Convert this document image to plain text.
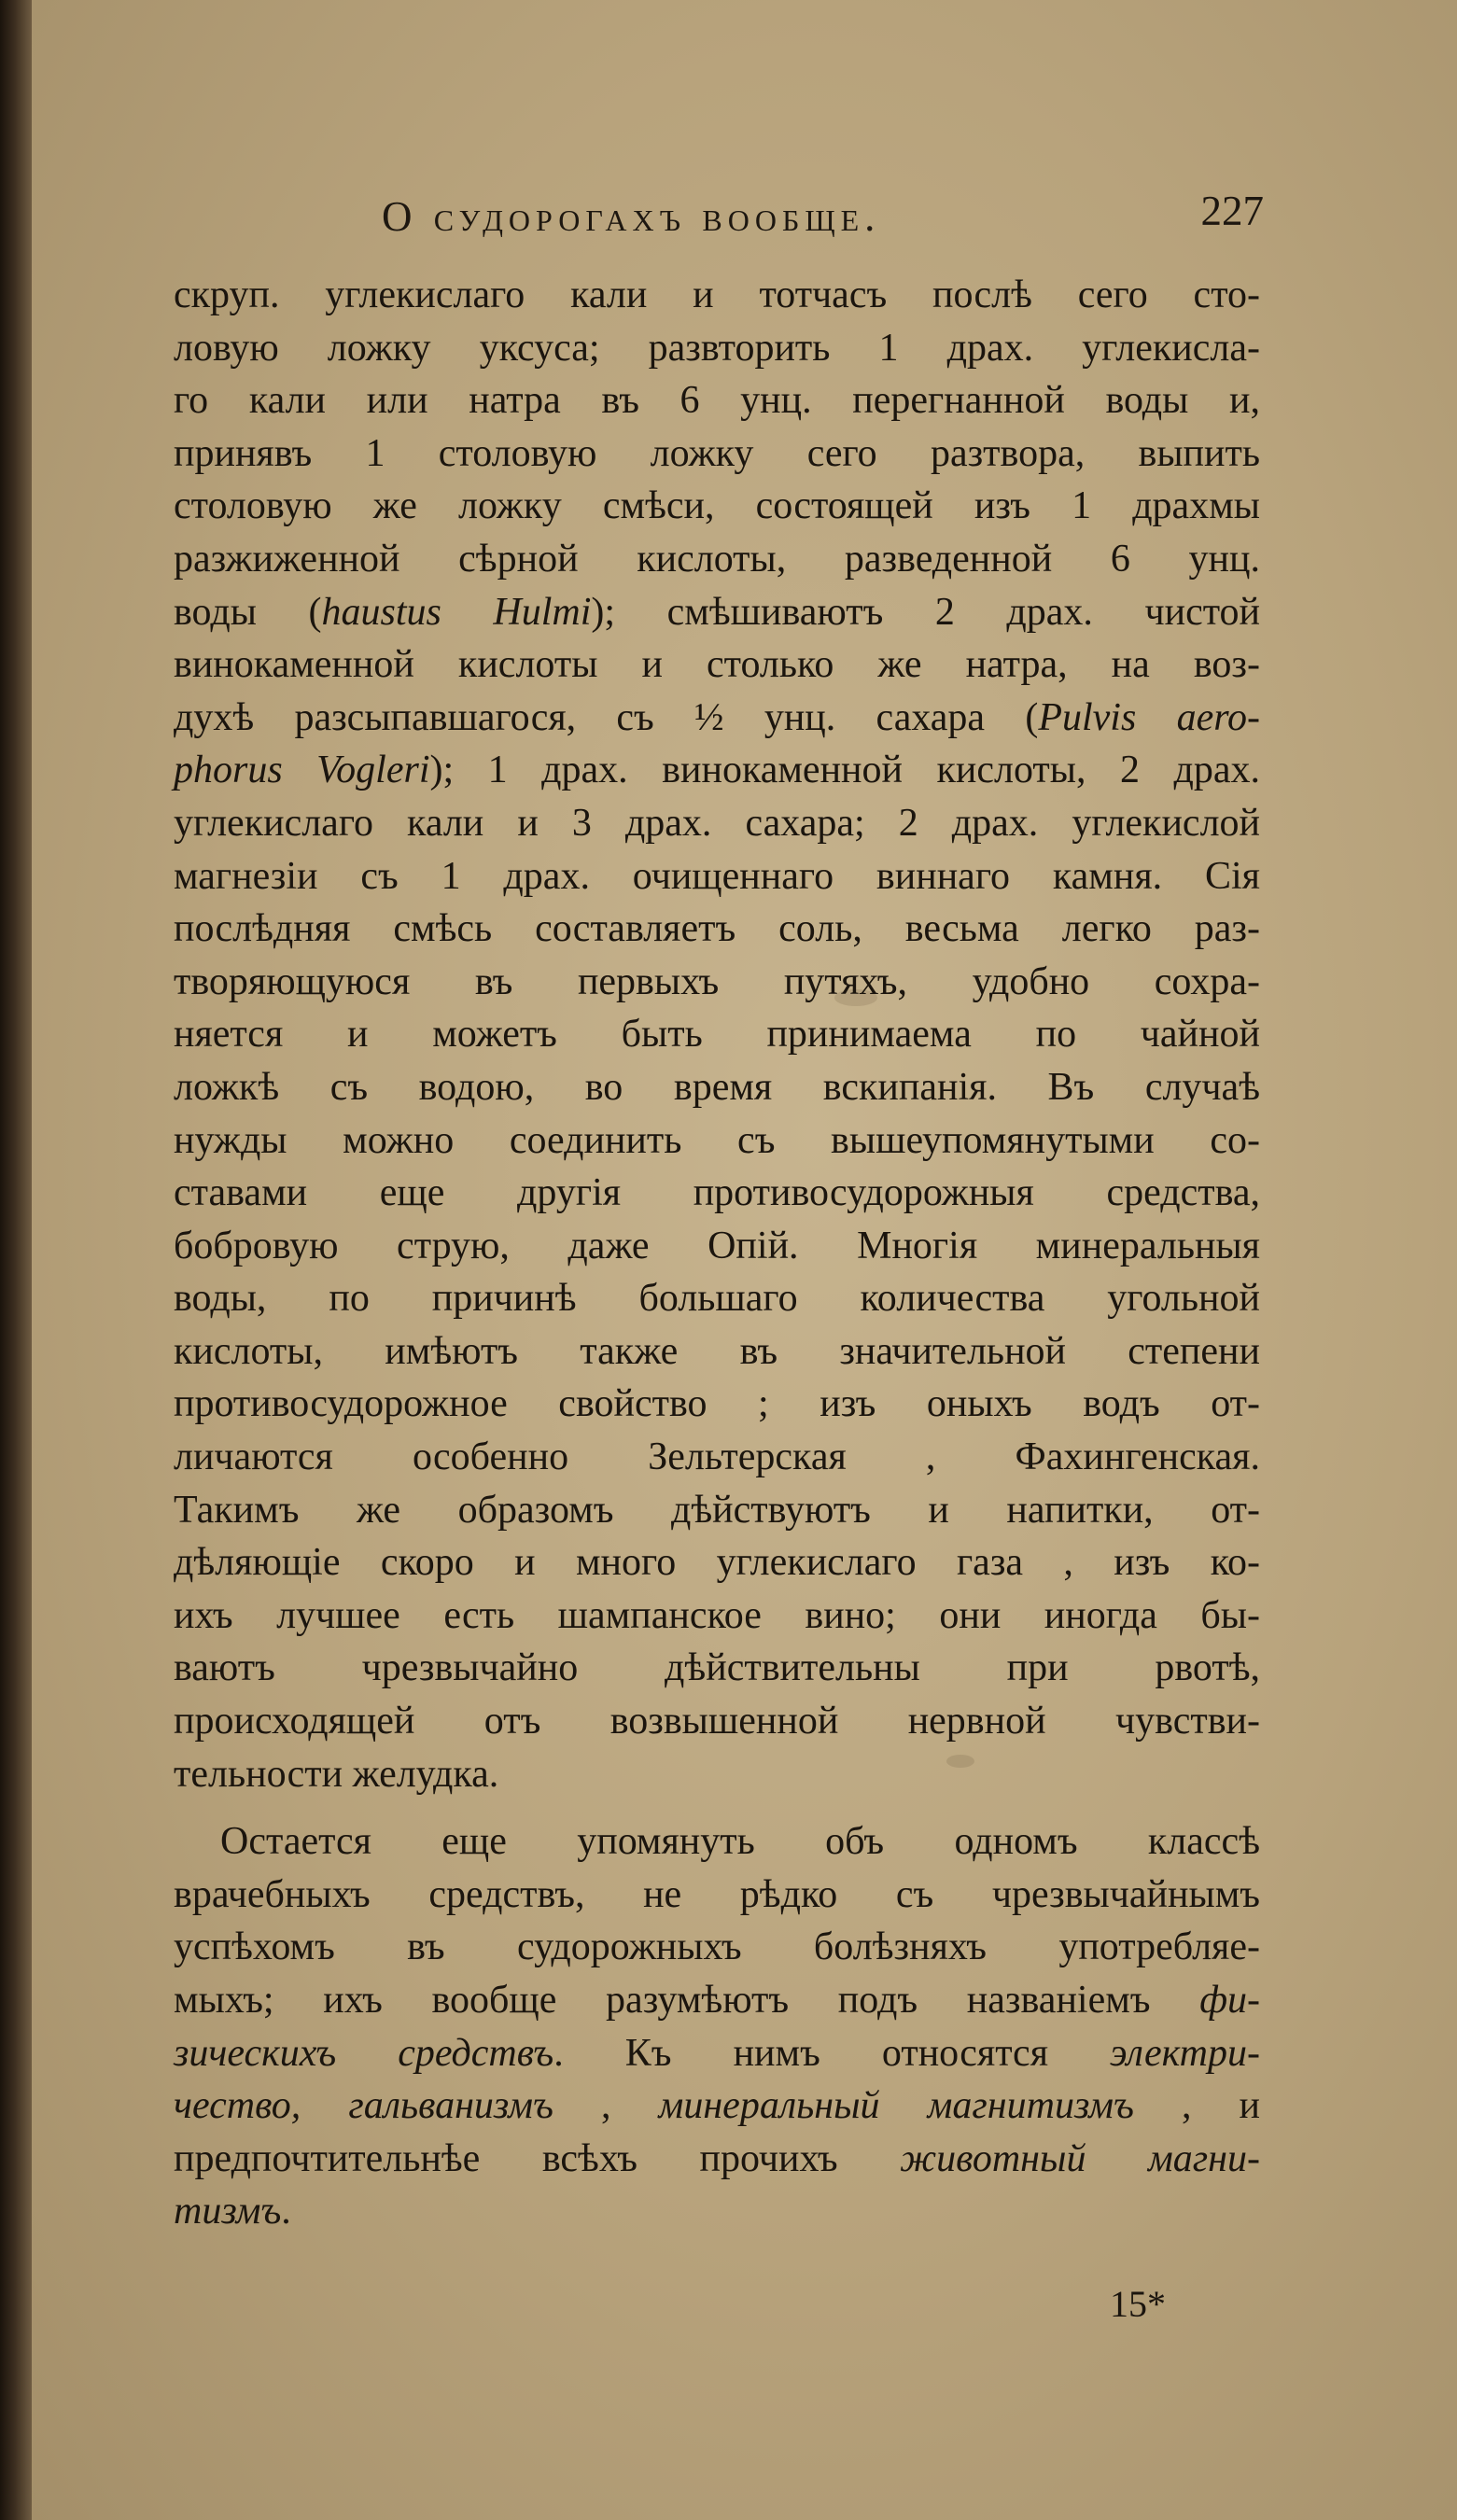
О судорогахъ вообще.	227
скруп. углекислаго кали и тотчасъ послѣ сего сто-
ловую ложку уксуса; развторить 1 драх. углекисла-
го кали или натра въ 6 унц. перегнанной воды и,
принявъ 1 столовую ложку сего разтвора, выпить
столовую же ложку смѣси, состоящей изъ 1 драхмы
разжиженной сѣрной кислоты, разведенной 6 унц.
воды (haustus Hulmi); смѣшиваютъ 2 драх. чистой
винокаменной кислоты и столько же натра, на воз-
духѣ разсыпавшагося, съ ½ унц. сахара (Pulvis aero-
phorus Vogleri); 1 драх. винокаменной кислоты, 2 драх.
углекислаго кали и 3 драх. сахара; 2 драх. углекислой
магнезіи съ 1 драх. очищеннаго виннаго камня. Сія
послѣдняя смѣсь составляетъ соль, весьма легко раз-
творяющуюся въ первыхъ путяхъ, удобно сохра-
няется и можетъ быть принимаема по чайной
ложкѣ съ водою, во время вскипанія. Въ случаѣ
нужды можно соединить съ вышеупомянутыми со-
ставами еще другія противосудорожныя средства,
бобровую струю, даже Опій. Многія минеральныя
воды, по причинѣ большаго количества угольной
кислоты, имѣютъ также въ значительной степени
противосудорожное свойство ; изъ оныхъ водъ от-
личаются особенно Зельтерская , Фахингенская.
Такимъ же образомъ дѣйствуютъ и напитки, от-
дѣляющіе скоро и много углекислаго газа , изъ ко-
ихъ лучшее есть шампанское вино; они иногда бы-
ваютъ чрезвычайно дѣйствительны при рвотѣ,
происходящей отъ возвышенной нервной чувстви-
тельности желудка.
Остается еще упомянуть объ одномъ классѣ
врачебныхъ средствъ, не рѣдко съ чрезвычайнымъ
успѣхомъ въ судорожныхъ болѣзняхъ употребляе-
мыхъ; ихъ вообще разумѣютъ подъ названіемъ фи-
зическихъ средствъ. Къ нимъ относятся электри-
чество, гальванизмъ , минеральный магнитизмъ , и
предпочтительнѣе всѣхъ прочихъ животный магни-
тизмъ.
15*
